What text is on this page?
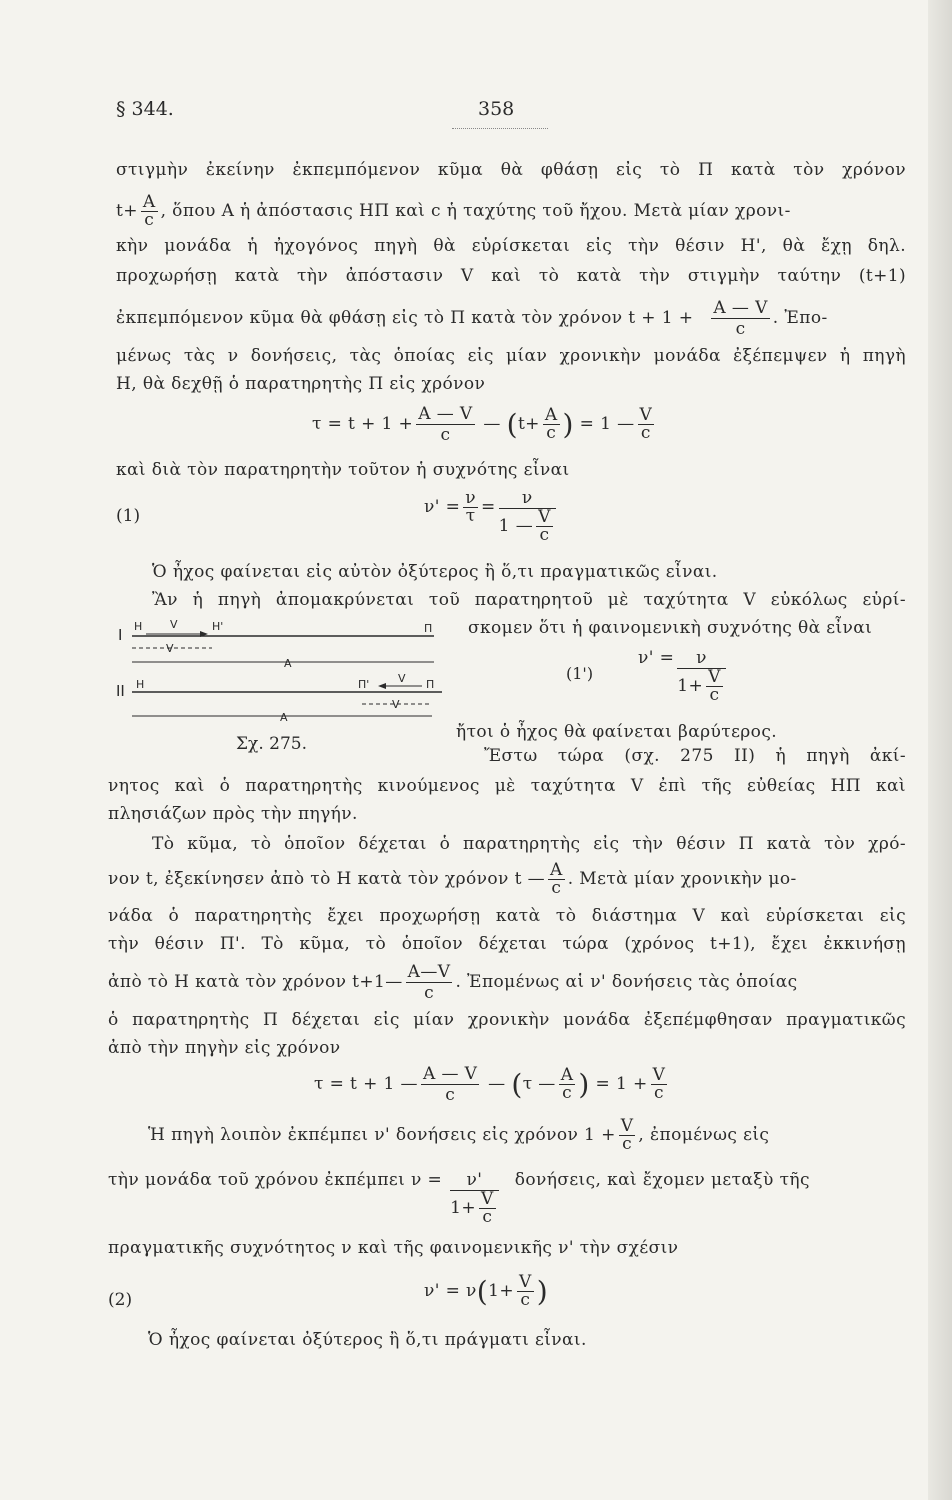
§ 344.	358
στιγμὴν ἐκείνην ἐκπεμπόμενον κῦμα θὰ φθάσῃ εἰς τὸ Π κατὰ τὸν χρόνον
$t+ \frac{A}{c}$ , ὅπου A ἡ ἀπόστασις ΗΠ καὶ c ἡ ταχύτης τοῦ ἤχου. Μετὰ μίαν χρονι-
κὴν μονάδα ἡ ἠχογόνος πηγὴ θὰ εὑρίσκεται εἰς τὴν θέσιν Η', θὰ ἔχῃ δηλ.
προχωρήσῃ κατὰ τὴν ἀπόστασιν V καὶ τὸ κατὰ τὴν στιγμὴν ταύτην (t+1)
ἐκπεμπόμενον κῦμα θὰ φθάσῃ εἰς τὸ Π κατὰ τὸν χρόνον $t + 1 + \frac{A — V}{c}$ . Ἐπο-
μένως τὰς ν δονήσεις, τὰς ὁποίας εἰς μίαν χρονικὴν μονάδα ἐξέπεμψεν ἡ πηγὴ
Η, θὰ δεχθῇ ὁ παρατηρητὴς Π εἰς χρόνον
$\tau = t + 1 + \frac{A — V}{c}$ — ($t+ \frac{A}{c}$ ) = 1 — $\frac{V}{c}$
καὶ διὰ τὸν παρατηρητὴν τοῦτον ἡ συχνότης εἶναι
(1)	$\nu' = \frac{\nu}{\tau} = \frac{\nu}{1 — \frac{V}{c}}$
Ὁ ἦχος φαίνεται εἰς αὐτὸν ὀξύτερος ἢ ὅ,τι πραγματικῶς εἶναι.
Ἂν ἡ πηγὴ ἀπομακρύνεται τοῦ παρατηρητοῦ μὲ ταχύτητα V εὐκόλως εὑρί-
σκομεν ὅτι ἡ φαινομενικὴ συχνότης θὰ εἶναι
I Η	V	Η'	Π
V
A
II Η	Π'	V Π
V
A
Σχ. 275.
(1')
$\nu' = \frac{\nu}{1+ \frac{V}{c}}$
ἤτοι ὁ ἦχος θὰ φαίνεται βαρύτερος.
Ἔστω τώρα (σχ. 275 II) ἡ πηγὴ ἀκί-
νητος καὶ ὁ παρατηρητὴς κινούμενος μὲ ταχύτητα V ἐπὶ τῆς εὐθείας ΗΠ καὶ
πλησιάζων πρὸς τὴν πηγήν.
Τὸ κῦμα, τὸ ὁποῖον δέχεται ὁ παρατηρητὴς εἰς τὴν θέσιν Π κατὰ τὸν χρό-
νον t, ἐξεκίνησεν ἀπὸ τὸ Η κατὰ τὸν χρόνον t — $\frac{A}{c}$ . Μετὰ μίαν χρονικὴν μο-
νάδα ὁ παρατηρητὴς ἔχει προχωρήσῃ κατὰ τὸ διάστημα V καὶ εὑρίσκεται εἰς
τὴν θέσιν Π'. Τὸ κῦμα, τὸ ὁποῖον δέχεται τώρα (χρόνος t+1), ἔχει ἐκκινήσῃ
ἀπὸ τὸ Η κατὰ τὸν χρόνον t+1— $\frac{A—V}{c}$ . Ἐπομένως αἱ ν' δονήσεις τὰς ὁποίας
ὁ παρατηρητὴς Π δέχεται εἰς μίαν χρονικὴν μονάδα ἐξεπέμφθησαν πραγματικῶς
ἀπὸ τὴν πηγὴν εἰς χρόνον
τ = t + 1 — $\frac{A — V}{c}$ — (τ — $\frac{A}{c}$ ) = $1 + \frac{V}{c}$
Ἡ πηγὴ λοιπὸν ἐκπέμπει ν' δονήσεις εἰς χρόνον $1 + \frac{V}{c}$ , ἐπομένως εἰς
τὴν μονάδα τοῦ χρόνου ἐκπέμπει $\nu = \frac{\nu'}{1+ \frac{V}{c}} \delta o\nu ή\sigma\varepsilon\iota\varsigma$, καὶ ἔχομεν μεταξὺ τῆς
πραγματικῆς συχνότητος ν καὶ τῆς φαινομενικῆς ν' τὴν σχέσιν
(2)	$\nu' = \nu(1+ \frac{V}{c}$ )
Ὁ ἦχος φαίνεται ὀξύτερος ἢ ὅ,τι πράγματι εἶναι.
